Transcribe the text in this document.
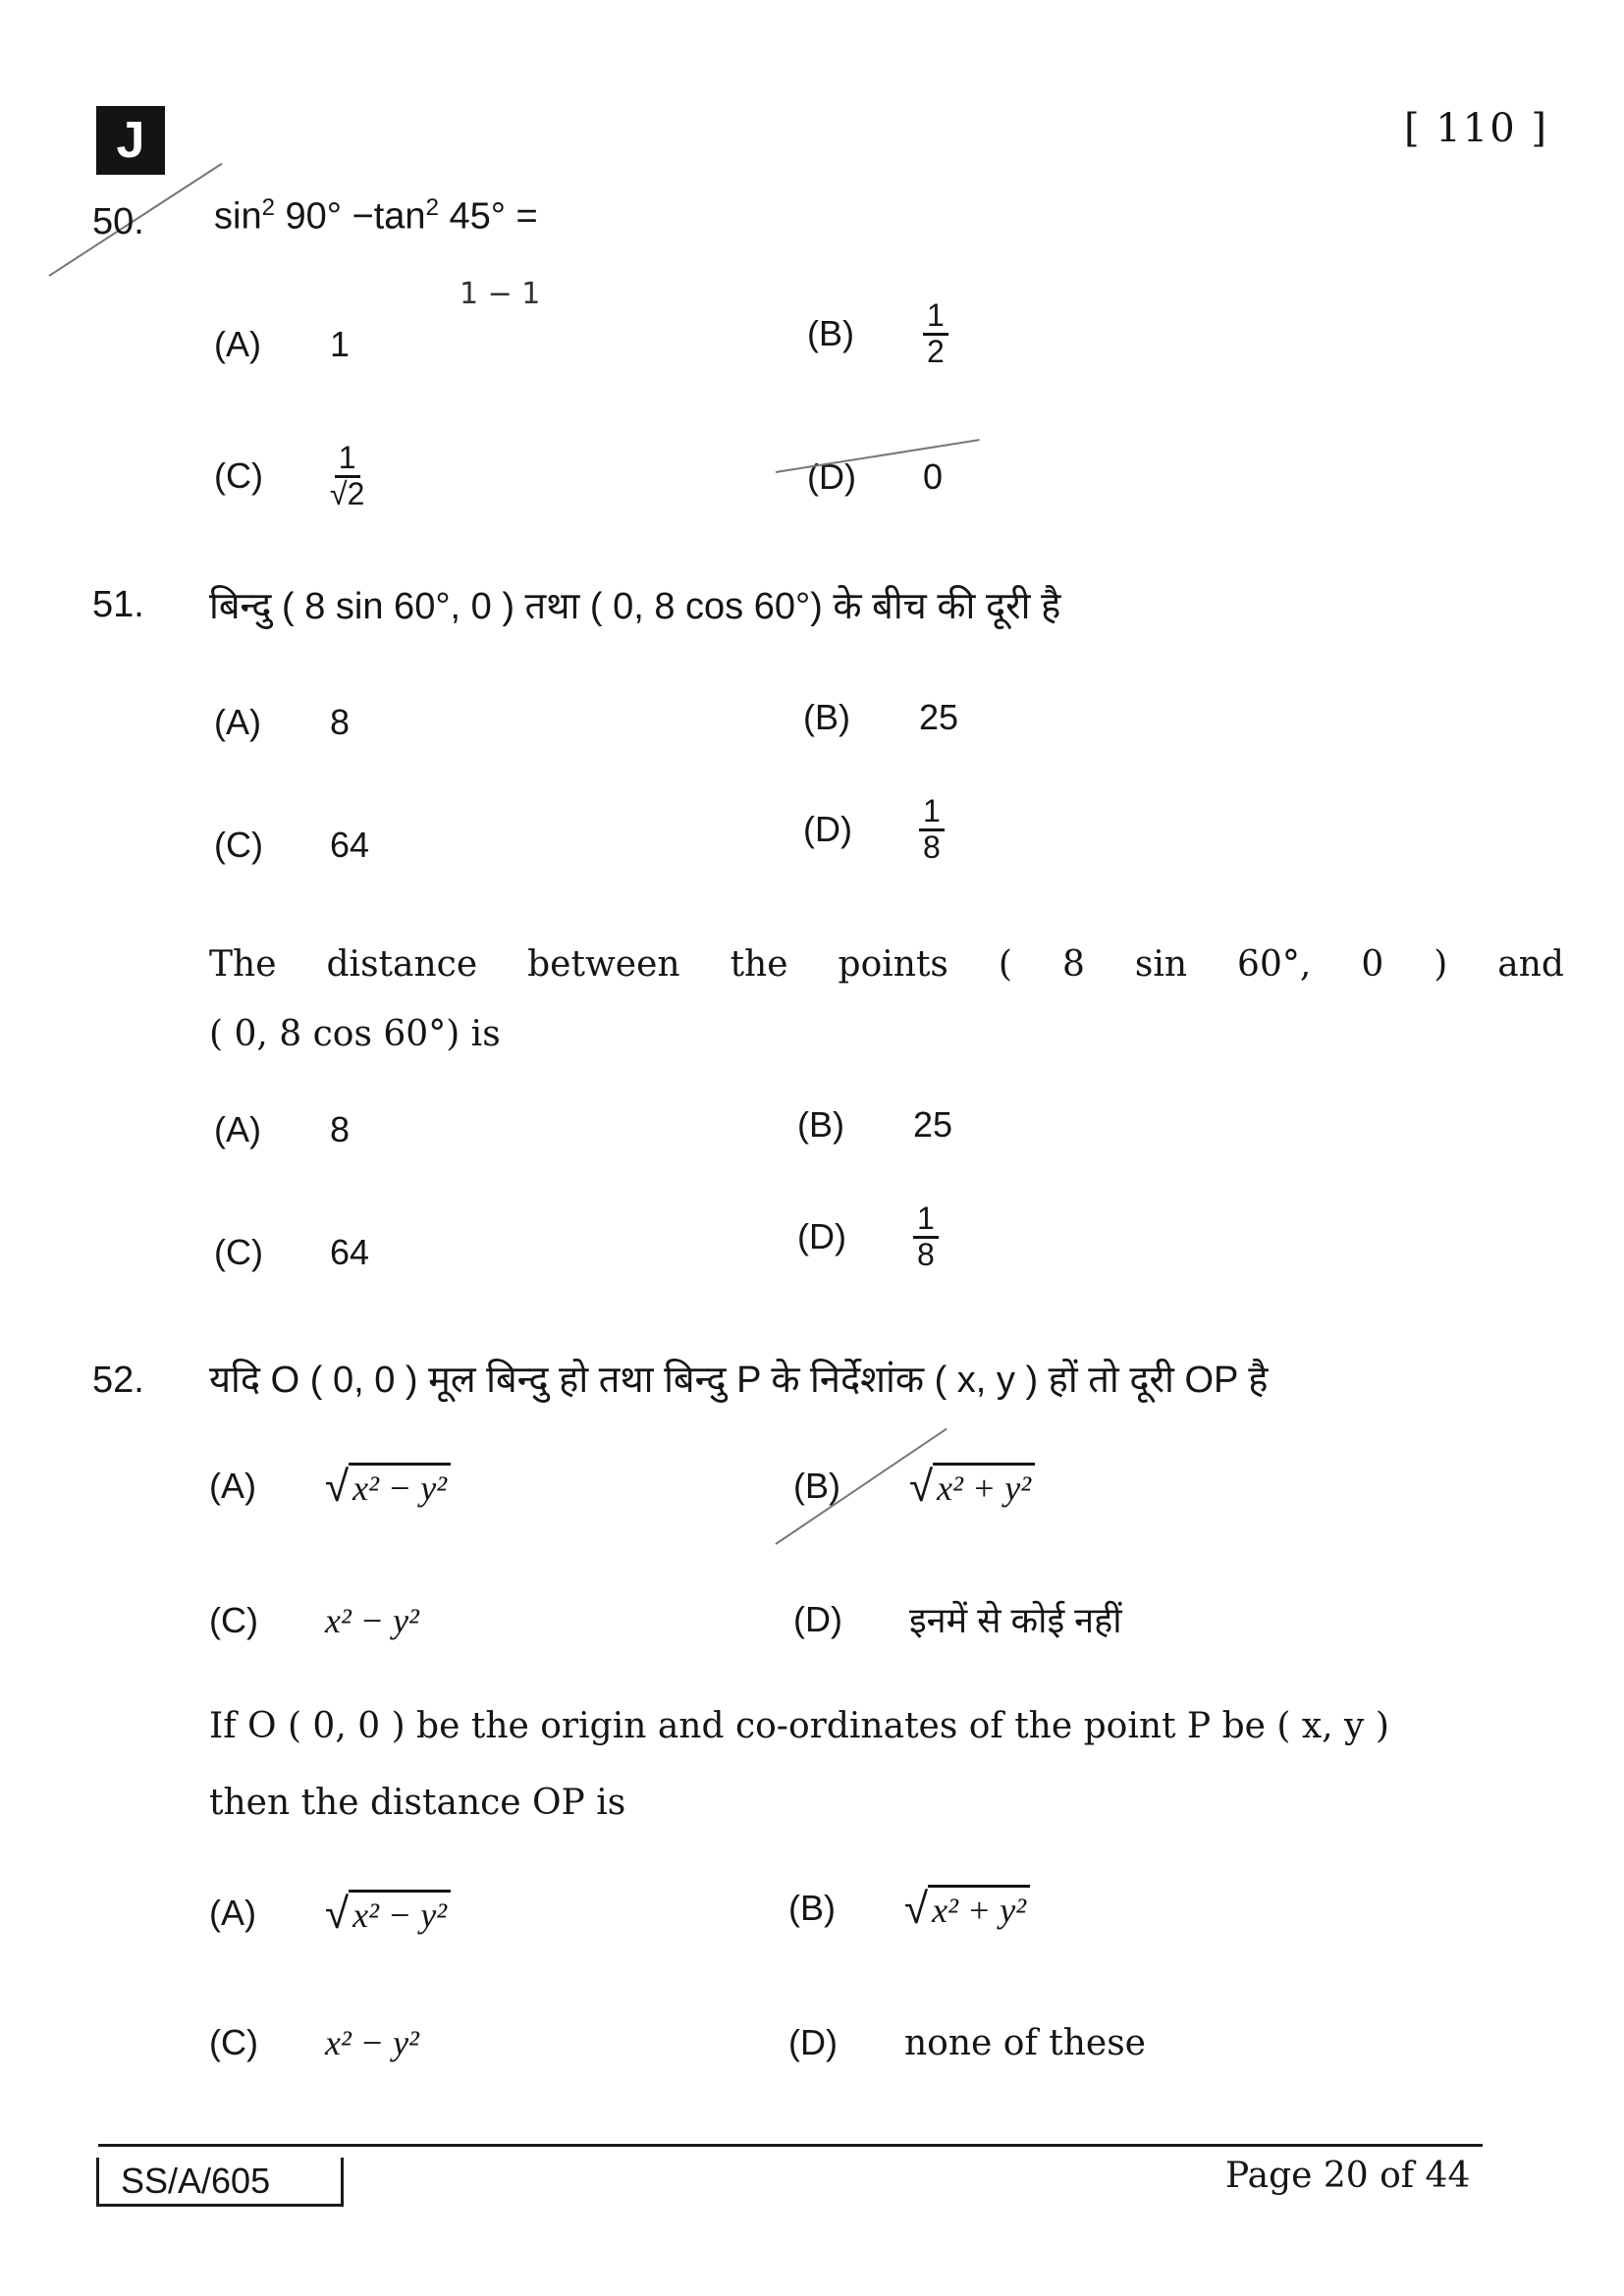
J	[ 110 ]
50. $\sin^2 90^\circ -\tan^2$ 45° =
1 − 1
(A)	1	(B)	$\frac{1}{2}$
(C)	$\frac{1}{√2}$	(D)	0
51. बिन्दु ( 8 sin 60°, 0 ) तथा ( 0, 8 cos 60°) के बीच की दूरी है
(A)	8	(B)	25
(C)	64	(D)	$\frac{1}{8}$
The distance between the points ( 8 sin 60°, 0 ) and
( 0, 8 cos 60°) is
(A)	8	(B)	25
(C)	64	(D)	$\frac{1}{8}$
52. यदि O ( 0, 0 ) मूल बिन्दु हो तथा बिन्दु P के निर्देशांक ( x, y ) हों तो दूरी OP है
(A)	√ x² − y²	(B)	√ x² + y²
(C)	x² − y²	(D)	इनमें से कोई नहीं
If O ( 0, 0 ) be the origin and co-ordinates of the point P be ( x, y )
then the distance OP is
(A)	√ x² − y²	(B)	√ x² + y²
(C)	x² − y²	(D)	none of these
SS/A/605	Page 20 of 44
